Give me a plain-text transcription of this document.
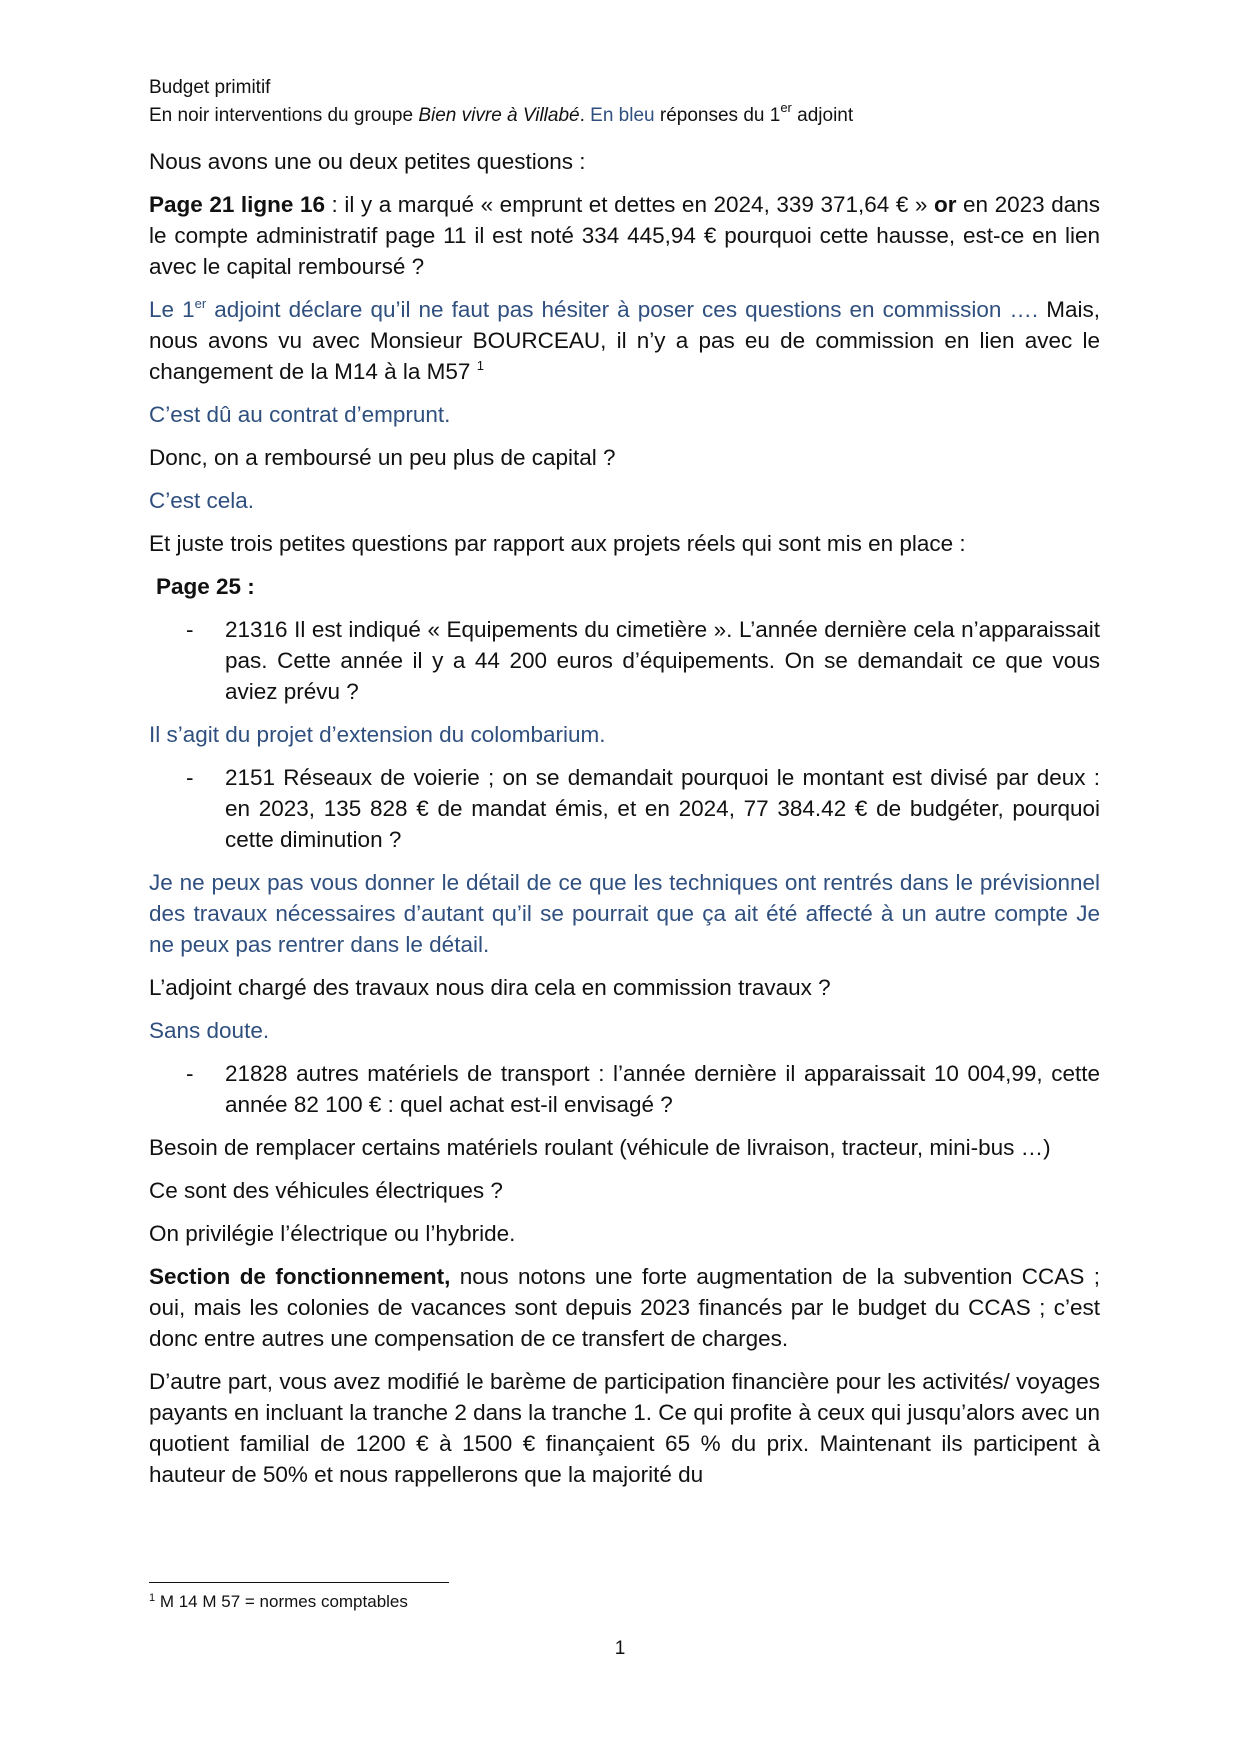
Budget primitif
En noir interventions du groupe Bien vivre à Villabé. En bleu réponses du 1er adjoint

Nous avons une ou deux petites questions :

Page 21 ligne 16 : il y a marqué « emprunt et dettes en 2024, 339 371,64 € » or en 2023 dans le compte administratif page 11 il est noté 334 445,94 € pourquoi cette hausse, est-ce en lien avec le capital remboursé ?

Le 1er adjoint déclare qu’il ne faut pas hésiter à poser ces questions en commission …. Mais, nous avons vu avec Monsieur BOURCEAU, il n’y a pas eu de commission en lien avec le changement de la M14 à la M57 $^1$

C’est dû au contrat d’emprunt.

Donc, on a remboursé un peu plus de capital ?

C’est cela.

Et juste trois petites questions par rapport aux projets réels qui sont mis en place :

Page 25 :

- 21316 Il est indiqué « Equipements du cimetière ». L’année dernière cela n’apparaissait pas. Cette année il y a 44 200 euros d’équipements. On se demandait ce que vous aviez prévu ?

Il s’agit du projet d’extension du colombarium.

- 2151 Réseaux de voierie ; on se demandait pourquoi le montant est divisé par deux : en 2023, 135 828 € de mandat émis, et en 2024, 77 384.42 € de budgéter, pourquoi cette diminution ?

Je ne peux pas vous donner le détail de ce que les techniques ont rentrés dans le prévisionnel des travaux nécessaires d’autant qu’il se pourrait que ça ait été affecté à un autre compte Je ne peux pas rentrer dans le détail.

L’adjoint chargé des travaux nous dira cela en commission travaux ?

Sans doute.

- 21828 autres matériels de transport : l’année dernière il apparaissait 10 004,99, cette année 82 100 € : quel achat est-il envisagé ?

Besoin de remplacer certains matériels roulant (véhicule de livraison, tracteur, mini-bus …)

Ce sont des véhicules électriques ?

On privilégie l’électrique ou l’hybride.

Section de fonctionnement, nous notons une forte augmentation de la subvention CCAS ; oui, mais les colonies de vacances sont depuis 2023 financés par le budget du CCAS ; c’est donc entre autres une compensation de ce transfert de charges.

D’autre part, vous avez modifié le barème de participation financière pour les activités/ voyages payants en incluant la tranche 2 dans la tranche 1. Ce qui profite à ceux qui jusqu’alors avec un quotient familial de 1200 € à 1500 € finançaient 65 % du prix. Maintenant ils participent à hauteur de 50% et nous rappellerons que la majorité du

$^1$ M 14 M 57 = normes comptables
1
